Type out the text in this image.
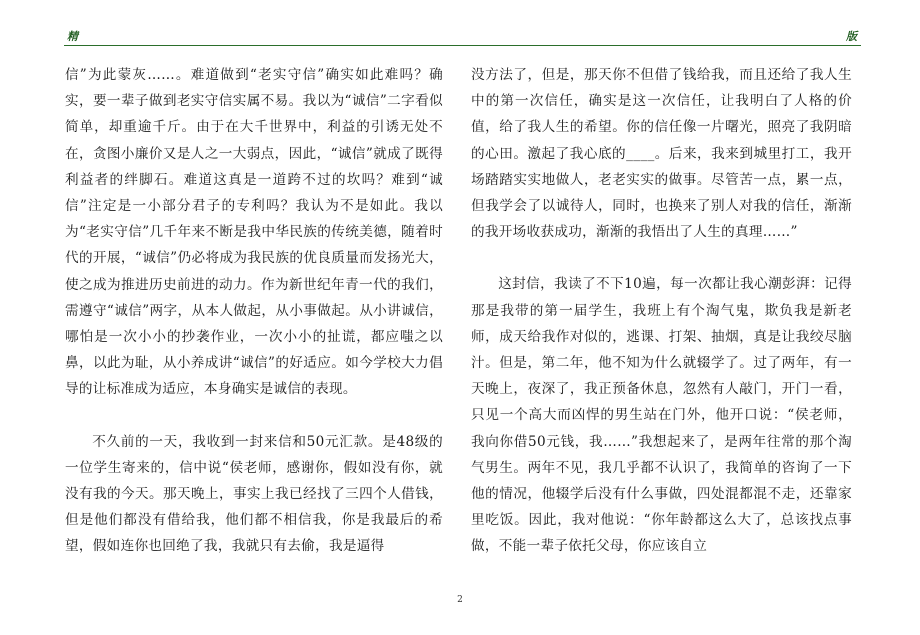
精	版

信”为此蒙灰……。难道做到“老实守信”确实如此难吗？确实，要一辈子做到老实守信实属不易。我以为“诚信”二字看似简单，却重逾千斤。由于在大千世界中，利益的引诱无处不在，贪图小廉价又是人之一大弱点，因此，“诚信”就成了既得利益者的绊脚石。难道这真是一道跨不过的坎吗？难到“诚信”注定是一小部分君子的专利吗？我认为不是如此。我以为“老实守信”几千年来不断是我中华民族的传统美德，随着时代的开展，“诚信”仍必将成为我民族的优良质量而发扬光大，使之成为推进历史前进的动力。作为新世纪年青一代的我们，需遵守“诚信”两字，从本人做起，从小事做起。从小讲诚信，哪怕是一次小小的抄袭作业，一次小小的扯谎，都应嗤之以鼻，以此为耻，从小养成讲“诚信”的好适应。如今学校大力倡导的让标准成为适应，本身确实是诚信的表现。

不久前的一天，我收到一封来信和50元汇款。是48级的一位学生寄来的，信中说“侯老师，感谢你，假如没有你，就没有我的今天。那天晚上，事实上我已经找了三四个人借钱，但是他们都没有借给我，他们都不相信我，你是我最后的希望，假如连你也回绝了我，我就只有去偷，我是逼得

没方法了，但是，那天你不但借了钱给我，而且还给了我人生中的第一次信任，确实是这一次信任，让我明白了人格的价值，给了我人生的希望。你的信任像一片曙光，照亮了我阴暗的心田。激起了我心底的____。后来，我来到城里打工，我开场踏踏实实地做人，老老实实的做事。尽管苦一点，累一点，但我学会了以诚待人，同时，也换来了别人对我的信任，渐渐的我开场收获成功，渐渐的我悟出了人生的真理……”

这封信，我读了不下10遍，每一次都让我心潮彭湃：记得那是我带的第一届学生，我班上有个淘气鬼，欺负我是新老师，成天给我作对似的，逃课、打架、抽烟，真是让我绞尽脑汁。但是，第二年，他不知为什么就辍学了。过了两年，有一天晚上，夜深了，我正预备休息，忽然有人敲门，开门一看，只见一个高大而凶悍的男生站在门外，他开口说：“侯老师，我向你借50元钱，我……”我想起来了，是两年往常的那个淘气男生。两年不见，我几乎都不认识了，我简单的咨询了一下他的情况，他辍学后没有什么事做，四处混都混不走，还靠家里吃饭。因此，我对他说：“你年龄都这么大了，总该找点事做，不能一辈子依托父母，你应该自立

2
